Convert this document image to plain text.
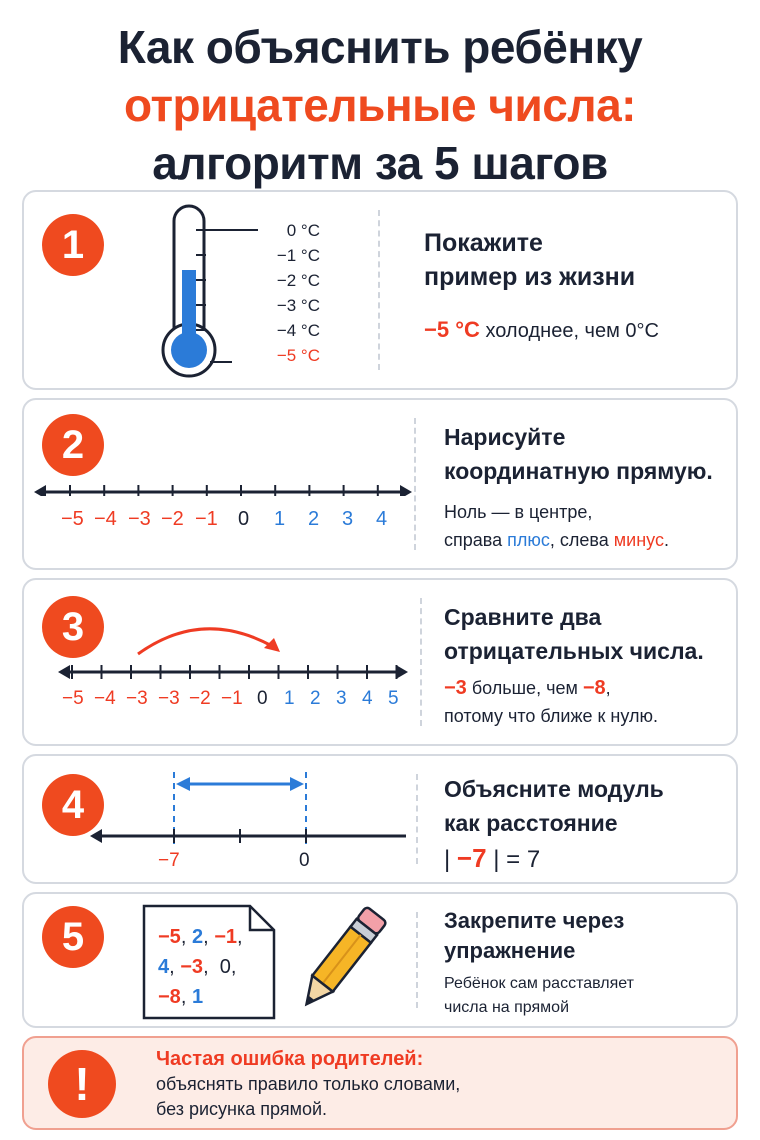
Как объяснить ребёнку
отрицательные числа:
алгоритм за 5 шагов
1	0 °C
−1 °C
−2 °C
−3 °C
−4 °C
−5 °C
Покажите
пример из жизни
−5 °C холоднее, чем 0°C
2
−5 −4 −3 −2 −1 0 1 2 3 4
Нарисуйте
координатную прямую.
Ноль — в центре,
справа плюс, слева минус.
3
−5 −4 −3 −3 −2 −1 0 1 2 3 4 5
Сравните два
отрицательных числа.
−3 больше, чем −8,
потому что ближе к нулю.
4
−7	0
Объясните модуль
как расстояние
| −7 | = 7
5	−5, 2, −1,
4, −3,  0,
−8, 1
Закрепите через
упражнение
Ребёнок сам расставляет
числа на прямой
!	Частая ошибка родителей:
объяснять правило только словами,
без рисунка прямой.
